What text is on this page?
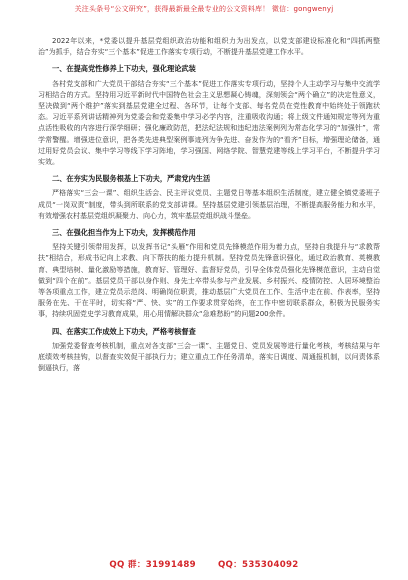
关注头条号“公文研究”，获得最新最全最专业的公文资料库！ 微信：gongwenyj

2022年以来，*党委以提升基层党组织政治功能和组织力为出发点，以党支部建设标准化和“四抓两整治”为抓手，结合夯实“三个基本”促进工作落实专项行动，不断提升基层党建工作水平。

一、在提高党性修养上下功夫，强化理论武装

各村党支部和广大党员干部结合夯实“三个基本”促进工作落实专项行动，坚持个人主动学习与集中交流学习相结合的方式。坚持用习近平新时代中国特色社会主义思想凝心铸魂，深刻领会“两个确立”的决定性意义，坚决做到“两个维护”落实到基层党建全过程、各环节，让每个支部、每名党员在党性教育中始终处于领跑状态。习近平系列讲话精神列为党委会和党委集中学习必学内容，注重吸收沟通；将上级文件通知规定等列为重点活性吸收的内容进行深学细研；强化廉政防范，把法纪法规和违纪违法案例列为常态化学习的“加强针”，常学常警醒。增强进位意识，把各类先进典型案例事迹列为争先进、奋发作为的“看齐”目标，增强理论储备，通过用好党员会议、集中学习等线下学习阵地，学习强国、网络学院、智慧党建等线上学习平台，不断提升学习实效。

二、在夯实为民服务根基上下功夫，严肃党内生活

严格落实“三会一课”、组织生活会、民主评议党员、主题党日等基本组织生活制度，建立健全镇党委班子成员“一岗双责”制度，带头到所联系的党支部讲课。坚持基层党建引领基层治理，不断提高服务能力和水平，有效增强农村基层党组织凝聚力、向心力，筑牢基层党组织战斗堡垒。

三、在强化担当作为上下功夫，发挥模范作用

坚持关键引领带用发挥，以发挥书记“头雁”作用和党员先锋模范作用为着力点，坚持自我提升与“求教帮扶”相结合，形成书记向上求教、向下帮扶的能力提升机制。坚持党员先锋意识强化，通过政治教育、英模教育、典型培树、量化激励等措施，教育好、管理好、监督好党员，引导全体党员强化先锋模范意识，主动自觉做到“四个在前”。基层党员干部以身作则、身先士卒带头参与产业发展、乡村振兴、疫情防控、人居环境整治等各项重点工作，建立党员示范岗、明确岗位职责，推动基层广大党员在工作、生活中走在前、作表率，坚持服务在先、干在平时，切实将“严、快、实”的工作要求贯穿始终，在工作中密切联系群众，积极为民服务实事，持续巩固党史学习教育成果，用心用情解决群众“急难愁盼”的问题200余件。

四、在落实工作成效上下功夫，严格考核督查

加强党委督查考核机制，重点对各支部“三会一课”、主题党日、党员发展等进行量化考核，考核结果与年底绩效考核挂钩，以督查实效促干部执行力；建立重点工作任务清单，落实日调度、周通报机制，以问责体系倒逼执行，落

QQ 群：31991489	QQ：535304092
